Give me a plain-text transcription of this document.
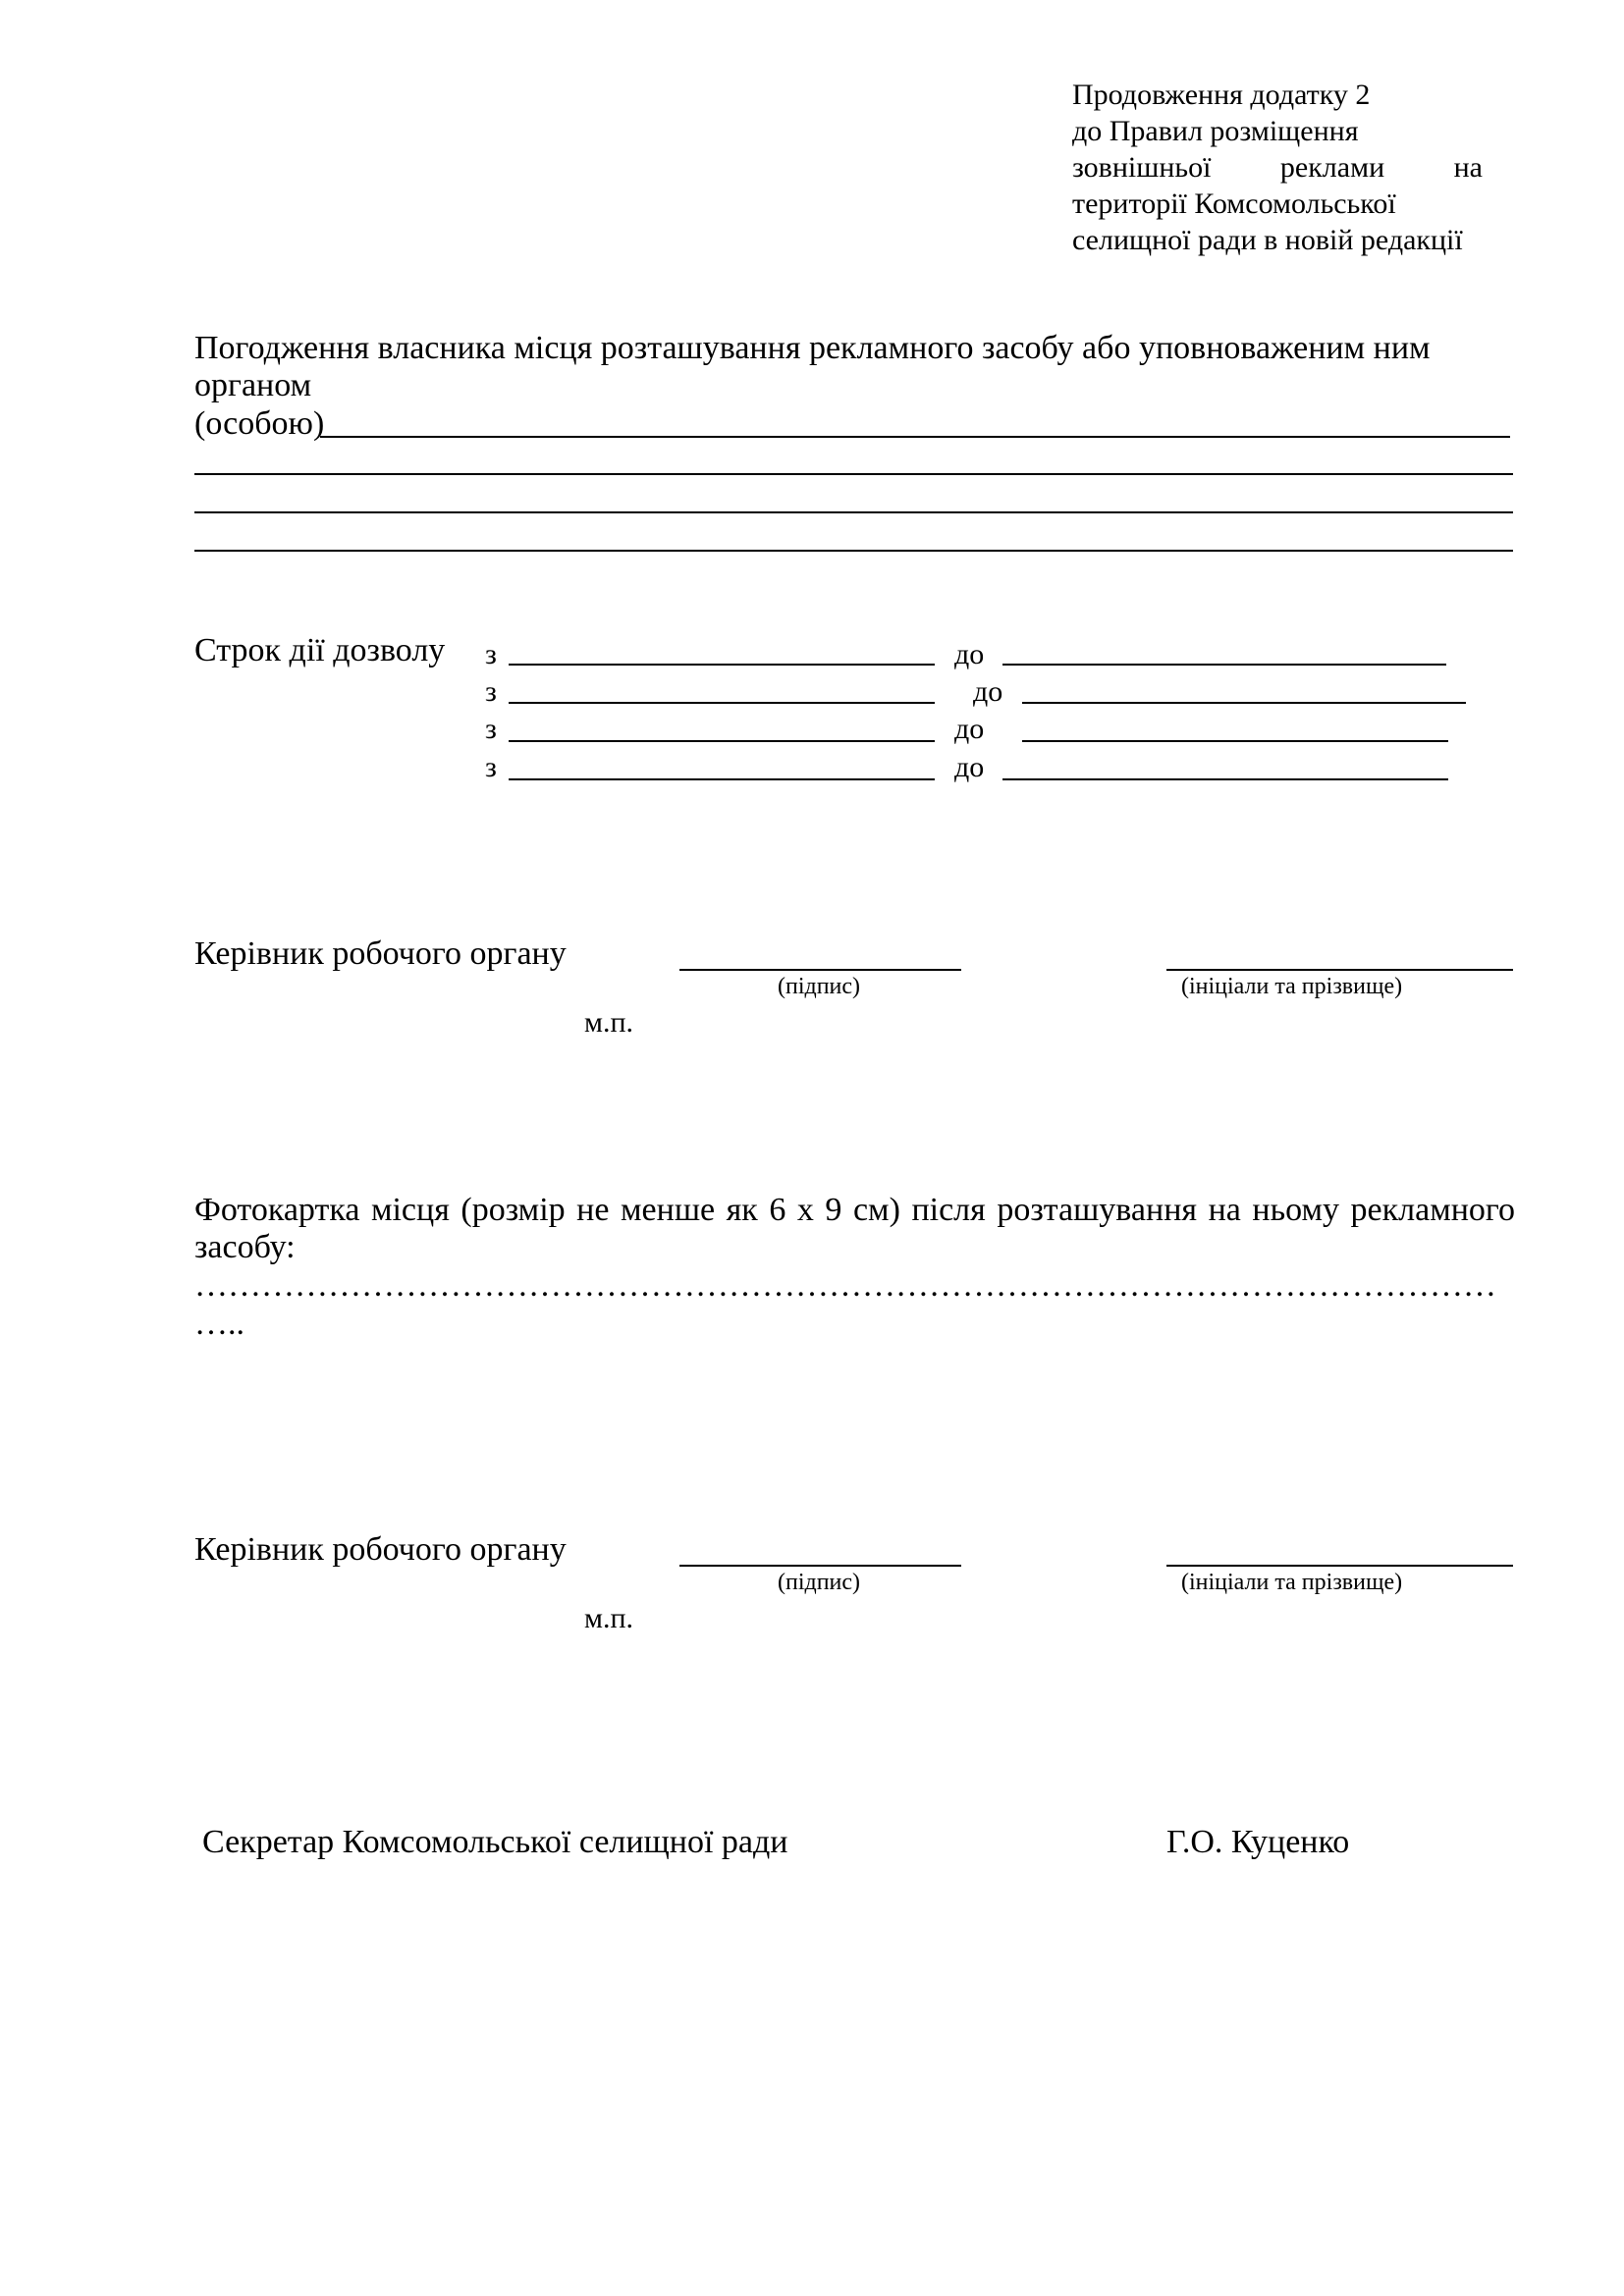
Продовження додатку 2
до Правил розміщення
зовнішньої реклами на
території Комсомольської
селищної ради в новій редакції
Погодження власника місця розташування рекламного засобу або уповноваженим ним
органом
(особою)
Строк дії дозволу з	до
з	до
з	до
з	до
Керівник робочого органу
(підпис)	(ініціали та прізвище)
м.п.
Фотокартка місця (розмір не менше як 6 х 9 см) після розташування на ньому рекламного
засобу:
………………………………………………………………………………………………………
…..
Керівник робочого органу
(підпис)	(ініціали та прізвище)
м.п.
Секретар Комсомольської селищної ради	Г.О. Куценко
